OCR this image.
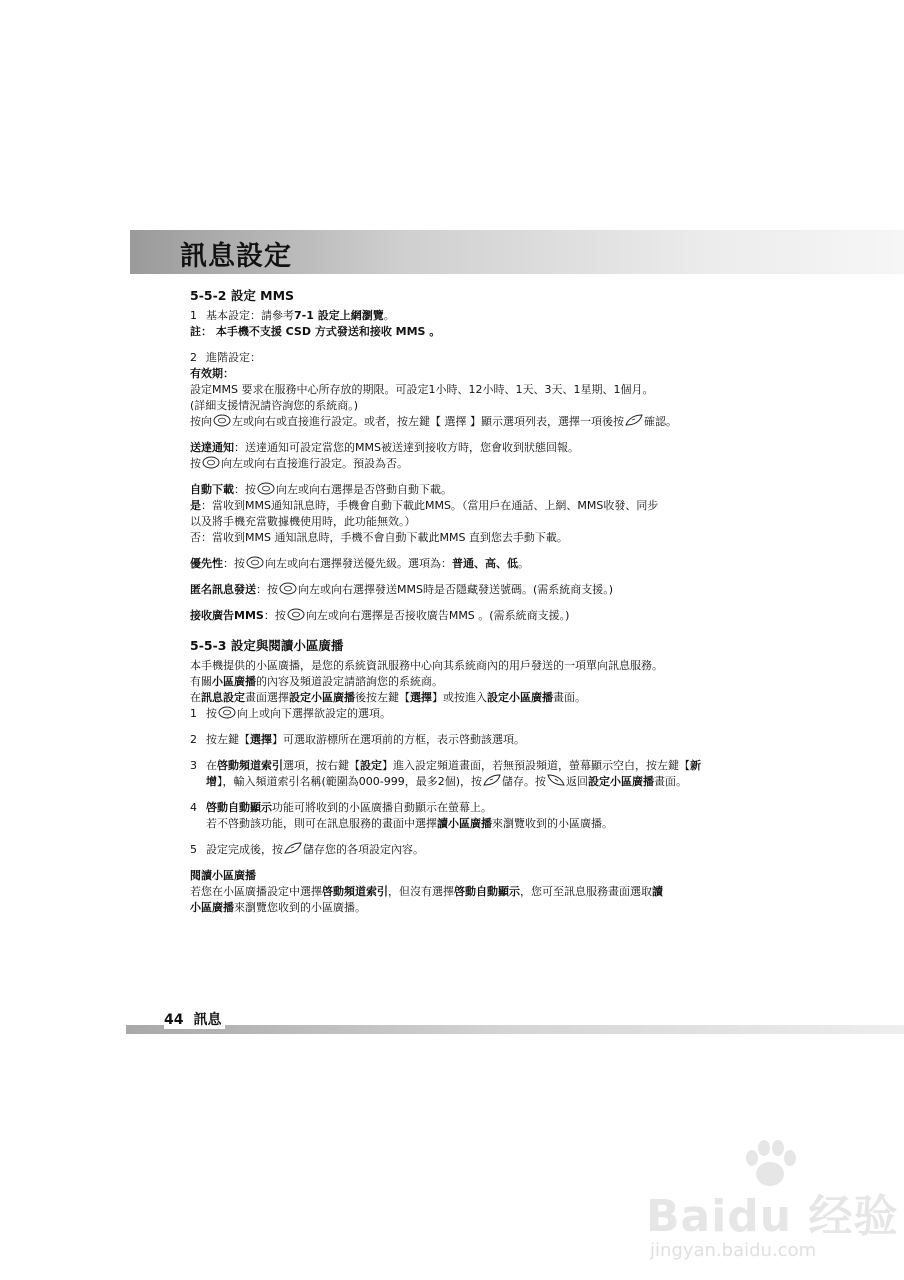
訊息設定
5-5-2 設定 MMS
1 基本設定：請參考7-1 設定上網瀏覽。
註： 本手機不支援 CSD 方式發送和接收 MMS 。
2 進階設定：
有效期：
設定MMS 要求在服務中心所存放的期限。可設定1小時、12小時、1天、3天、1星期、1個月。
(詳細支援情況請咨詢您的系統商。)
按向 左或向右或直接進行設定。或者，按左鍵【 選擇 】顯示選項列表，選擇一項後按 確認。
送達通知：送達通知可設定當您的MMS被送達到接收方時，您會收到狀態回報。
按 向左或向右直接進行設定。預設為否。
自動下載：按 向左或向右選擇是否啓動自動下載。
是：當收到MMS通知訊息時，手機會自動下載此MMS。（當用戶在通話、上網、MMS收發、同步
以及將手機充當數據機使用時，此功能無效。）
否：當收到MMS 通知訊息時，手機不會自動下載此MMS 直到您去手動下載。
優先性：按 向左或向右選擇發送優先級。選項為：普通、高、低。
匿名訊息發送：按 向左或向右選擇發送MMS時是否隱藏發送號碼。(需系統商支援。)
接收廣告MMS：按 向左或向右選擇是否接收廣告MMS 。(需系統商支援。)
5-5-3 設定與閱讀小區廣播
本手機提供的小區廣播，是您的系統資訊服務中心向其系統商內的用戶發送的一項單向訊息服務。
有關小區廣播的內容及頻道設定請諮詢您的系統商。
在訊息設定畫面選擇設定小區廣播後按左鍵【選擇】或按進入設定小區廣播畫面。
1 按 向上或向下選擇欲設定的選項。
2 按左鍵【選擇】可選取游標所在選項前的方框，表示啓動該選項。
3 在啓動頻道索引選項，按右鍵【設定】進入設定頻道畫面，若無預設頻道，螢幕顯示空白，按左鍵【新增】，輸入頻道索引名稱(範圍為000-999，最多2個)，按 儲存。按 返回設定小區廣播畫面。
4 啓動自動顯示功能可將收到的小區廣播自動顯示在螢幕上。
若不啓動該功能，則可在訊息服務的畫面中選擇讀小區廣播來瀏覽收到的小區廣播。
5 設定完成後，按 儲存您的各項設定內容。
閱讀小區廣播
若您在小區廣播設定中選擇啓動頻道索引，但沒有選擇啓動自動顯示，您可至訊息服務畫面選取讀
小區廣播來瀏覽您收到的小區廣播。
44 訊息
Baidu 经验
jingyan.baidu.com
